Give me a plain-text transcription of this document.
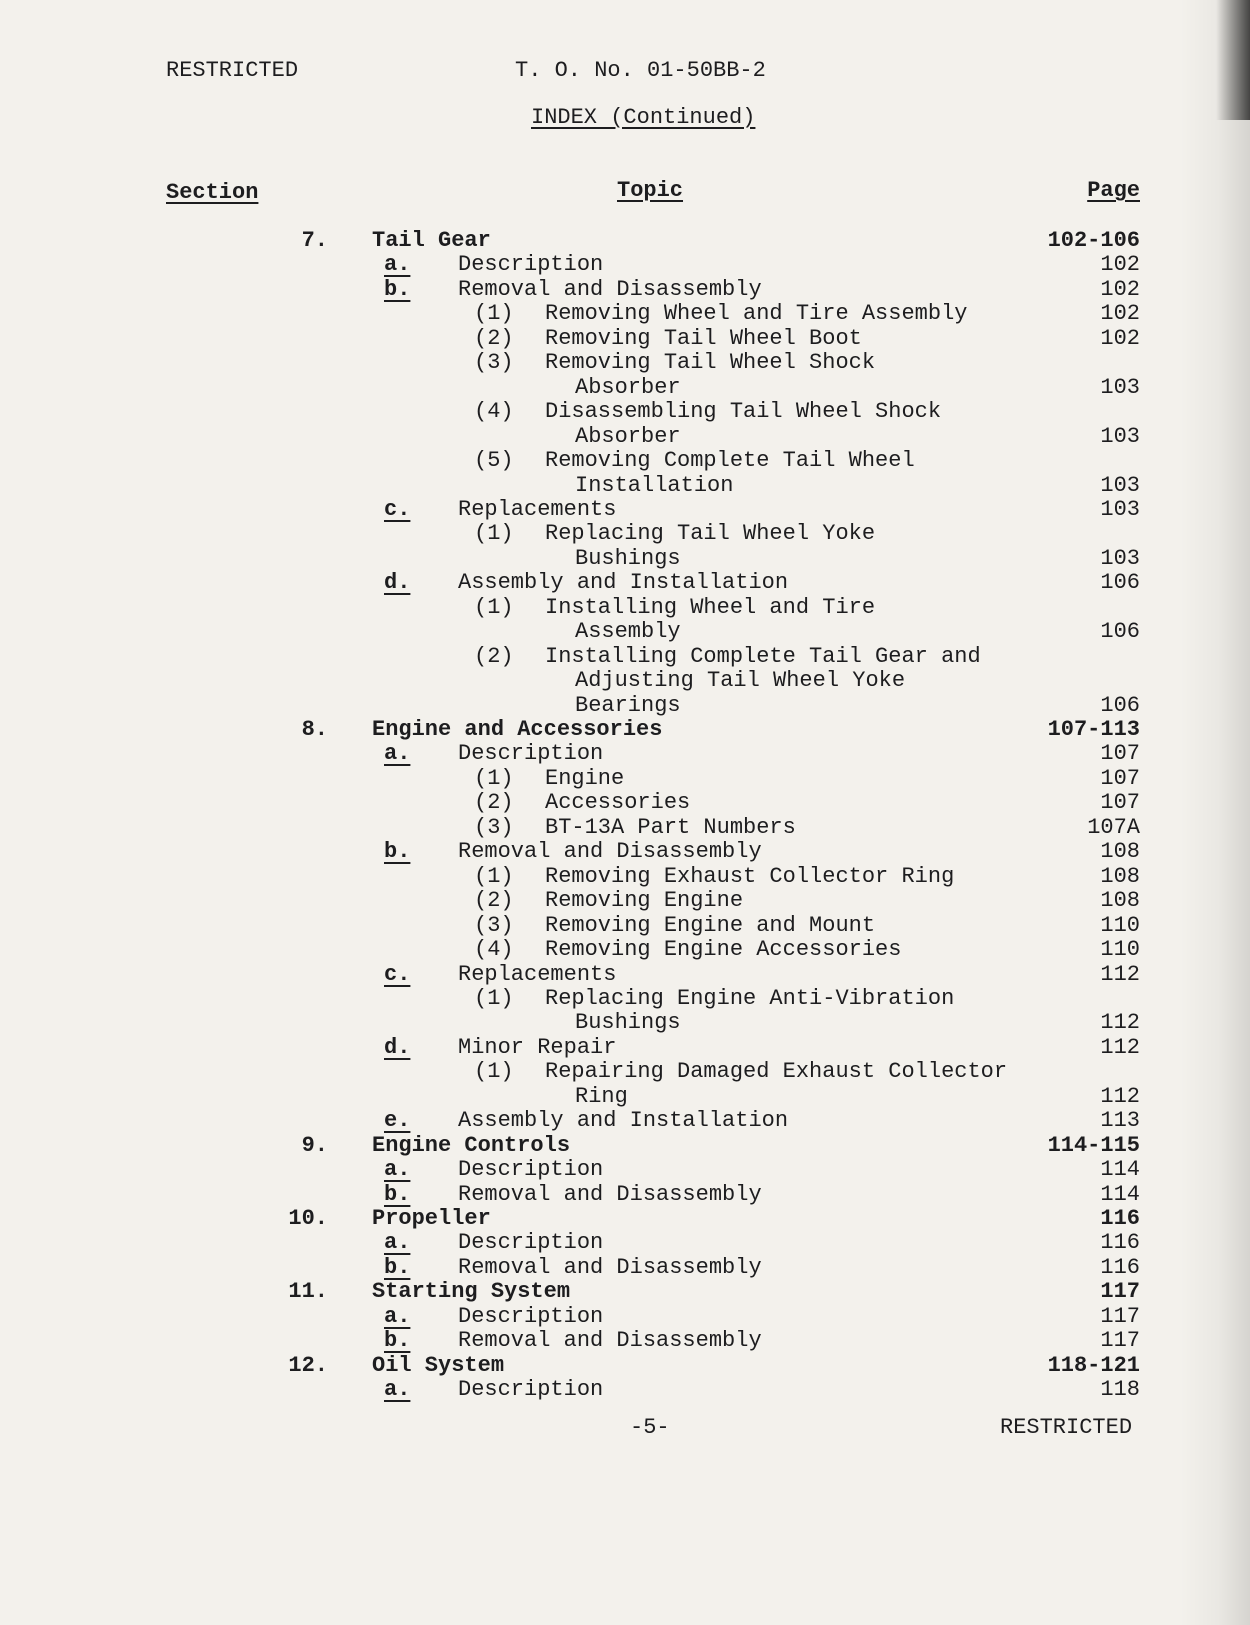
RESTRICTED	T. O. No. 01-50BB-2
INDEX (Continued)
Section	Topic	Page
7. Tail Gear	102-106
a. Description	102
b. Removal and Disassembly	102
(1) Removing Wheel and Tire Assembly	102
(2) Removing Tail Wheel Boot	102
(3) Removing Tail Wheel Shock
Absorber	103
(4) Disassembling Tail Wheel Shock
Absorber	103
(5) Removing Complete Tail Wheel
Installation	103
c. Replacements	103
(1) Replacing Tail Wheel Yoke
Bushings	103
d. Assembly and Installation	106
(1) Installing Wheel and Tire
Assembly	106
(2) Installing Complete Tail Gear and
Adjusting Tail Wheel Yoke
Bearings	106
8. Engine and Accessories	107-113
a. Description	107
(1) Engine	107
(2) Accessories	107
(3) BT-13A Part Numbers	107A
b. Removal and Disassembly	108
(1) Removing Exhaust Collector Ring	108
(2) Removing Engine	108
(3) Removing Engine and Mount	110
(4) Removing Engine Accessories	110
c. Replacements	112
(1) Replacing Engine Anti-Vibration
Bushings	112
d. Minor Repair	112
(1) Repairing Damaged Exhaust Collector
Ring	112
e. Assembly and Installation	113
9. Engine Controls	114-115
a. Description	114
b. Removal and Disassembly	114
10. Propeller	116
a. Description	116
b. Removal and Disassembly	116
11. Starting System	117
a. Description	117
b. Removal and Disassembly	117
12. Oil System	118-121
a. Description	118
-5-	RESTRICTED
